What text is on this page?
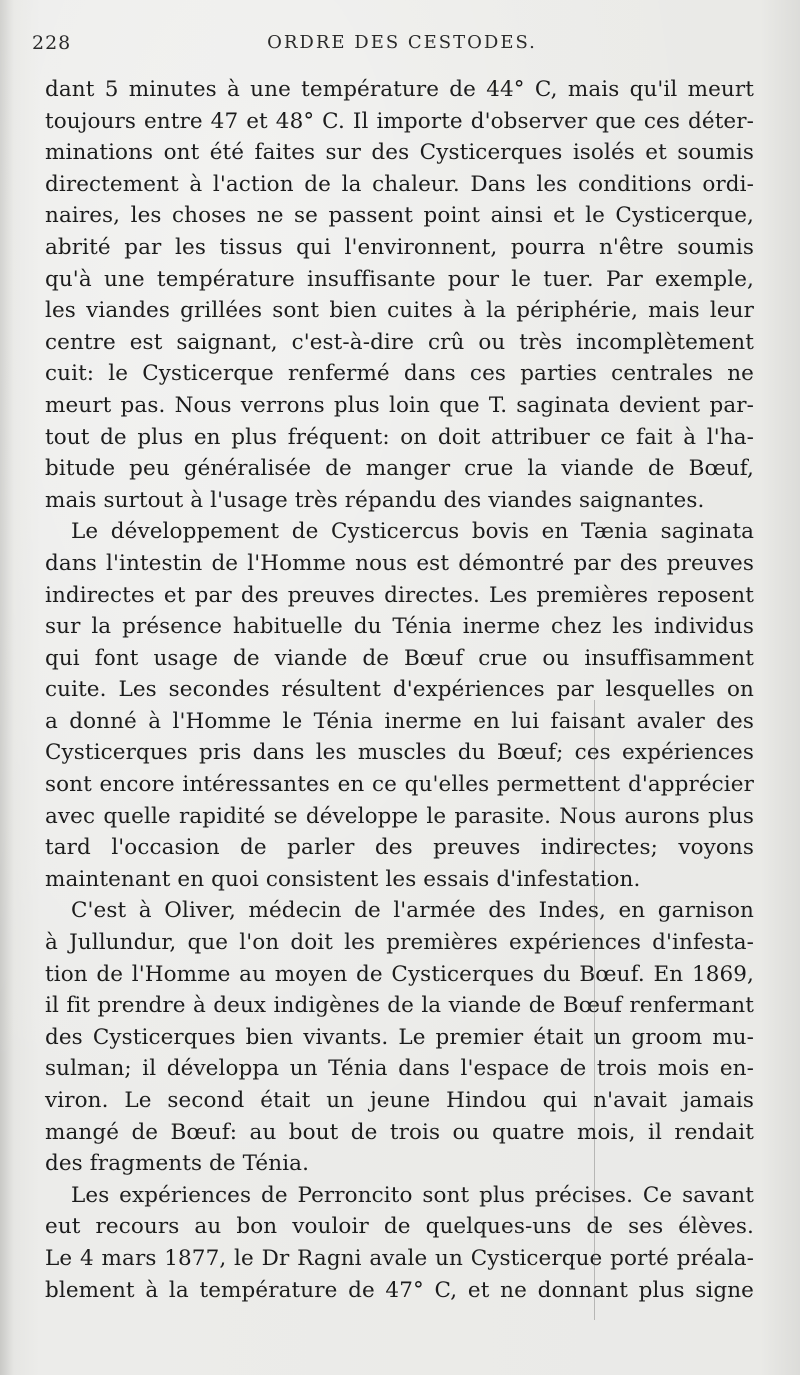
228	ORDRE DES CESTODES.
dant 5 minutes à une température de 44° C, mais qu'il meurt
toujours entre 47 et 48° C. Il importe d'observer que ces déter-
minations ont été faites sur des Cysticerques isolés et soumis
directement à l'action de la chaleur. Dans les conditions ordi-
naires, les choses ne se passent point ainsi et le Cysticerque,
abrité par les tissus qui l'environnent, pourra n'être soumis
qu'à une température insuffisante pour le tuer. Par exemple,
les viandes grillées sont bien cuites à la périphérie, mais leur
centre est saignant, c'est-à-dire crû ou très incomplètement
cuit: le Cysticerque renfermé dans ces parties centrales ne
meurt pas. Nous verrons plus loin que T. saginata devient par-
tout de plus en plus fréquent: on doit attribuer ce fait à l'ha-
bitude peu généralisée de manger crue la viande de Bœuf,
mais surtout à l'usage très répandu des viandes saignantes.
Le développement de Cysticercus bovis en Tænia saginata
dans l'intestin de l'Homme nous est démontré par des preuves
indirectes et par des preuves directes. Les premières reposent
sur la présence habituelle du Ténia inerme chez les individus
qui font usage de viande de Bœuf crue ou insuffisamment
cuite. Les secondes résultent d'expériences par lesquelles on
a donné à l'Homme le Ténia inerme en lui faisant avaler des
Cysticerques pris dans les muscles du Bœuf; ces expériences
sont encore intéressantes en ce qu'elles permettent d'apprécier
avec quelle rapidité se développe le parasite. Nous aurons plus
tard l'occasion de parler des preuves indirectes; voyons
maintenant en quoi consistent les essais d'infestation.
C'est à Oliver, médecin de l'armée des Indes, en garnison
à Jullundur, que l'on doit les premières expériences d'infesta-
tion de l'Homme au moyen de Cysticerques du Bœuf. En 1869,
il fit prendre à deux indigènes de la viande de Bœuf renfermant
des Cysticerques bien vivants. Le premier était un groom mu-
sulman; il développa un Ténia dans l'espace de trois mois en-
viron. Le second était un jeune Hindou qui n'avait jamais
mangé de Bœuf: au bout de trois ou quatre mois, il rendait
des fragments de Ténia.
Les expériences de Perroncito sont plus précises. Ce savant
eut recours au bon vouloir de quelques-uns de ses élèves.
Le 4 mars 1877, le Dr Ragni avale un Cysticerque porté préala-
blement à la température de 47° C, et ne donnant plus signe
